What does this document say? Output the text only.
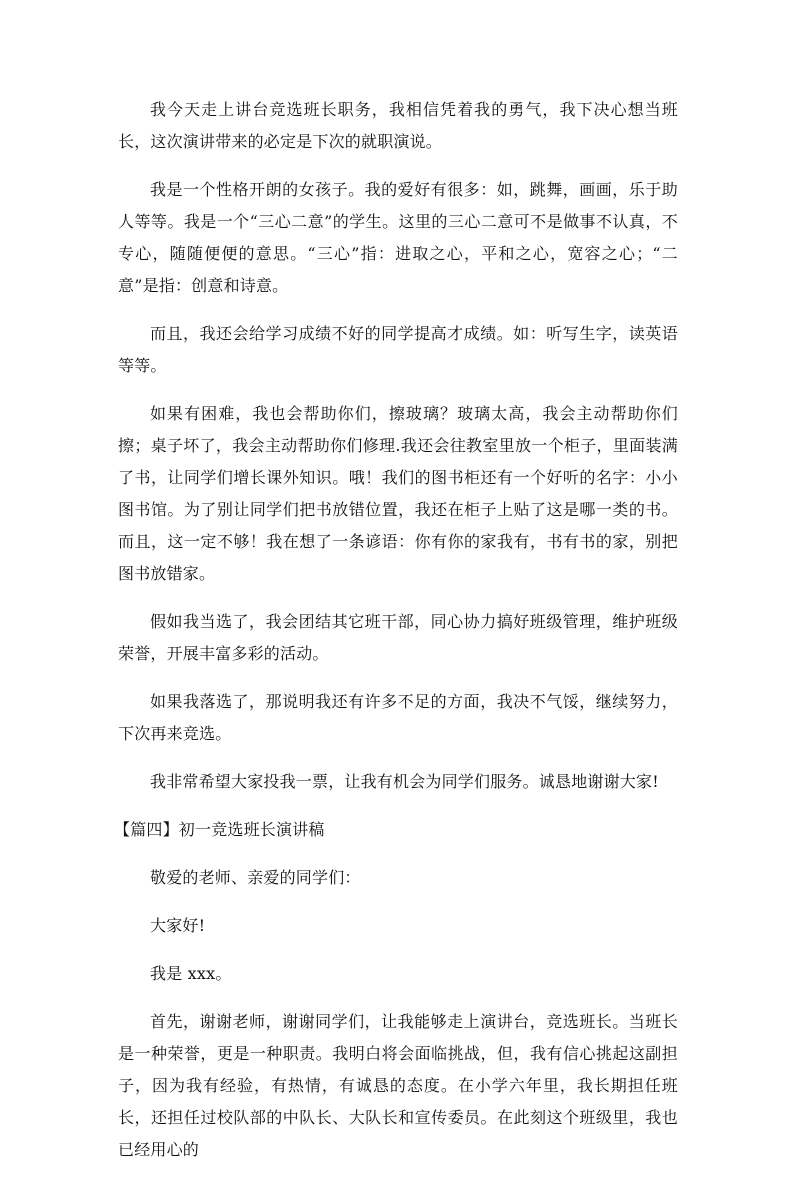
我今天走上讲台竞选班长职务，我相信凭着我的勇气，我下决心想当班长，这次演讲带来的必定是下次的就职演说。

我是一个性格开朗的女孩子。我的爱好有很多：如，跳舞，画画，乐于助人等等。我是一个“三心二意”的学生。这里的三心二意可不是做事不认真，不专心，随随便便的意思。“三心”指：进取之心，平和之心，宽容之心；“二意”是指：创意和诗意。

而且，我还会给学习成绩不好的同学提高才成绩。如：听写生字，读英语等等。

如果有困难，我也会帮助你们，擦玻璃？玻璃太高，我会主动帮助你们擦；桌子坏了，我会主动帮助你们修理.我还会往教室里放一个柜子，里面装满了书，让同学们增长课外知识。哦！我们的图书柜还有一个好听的名字：小小图书馆。为了别让同学们把书放错位置，我还在柜子上贴了这是哪一类的书。而且，这一定不够！我在想了一条谚语：你有你的家我有，书有书的家，别把图书放错家。

假如我当选了，我会团结其它班干部，同心协力搞好班级管理，维护班级荣誉，开展丰富多彩的活动。

如果我落选了，那说明我还有许多不足的方面，我决不气馁，继续努力，下次再来竞选。

我非常希望大家投我一票，让我有机会为同学们服务。诚恳地谢谢大家!

【篇四】初一竞选班长演讲稿

敬爱的老师、亲爱的同学们：

大家好!

我是 xxx。

首先，谢谢老师，谢谢同学们，让我能够走上演讲台，竞选班长。当班长是一种荣誉，更是一种职责。我明白将会面临挑战，但，我有信心挑起这副担子，因为我有经验，有热情，有诚恳的态度。在小学六年里，我长期担任班长，还担任过校队部的中队长、大队长和宣传委员。在此刻这个班级里，我也已经用心的
